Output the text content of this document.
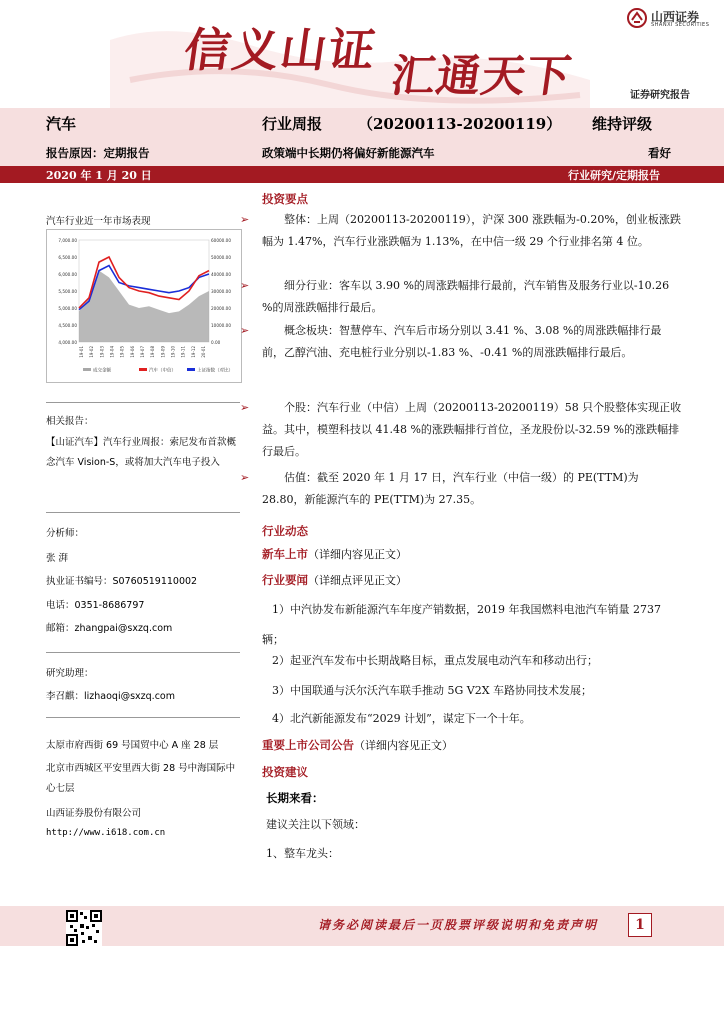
信义山证 汇通天下
山西证券
SHANXI SECURITIES
证券研究报告
汽车	行业周报 （20200113-20200119） 维持评级
报告原因：定期报告	政策端中长期仍将偏好新能源汽车	看好
2020 年 1 月 20 日	行业研究/定期报告
汽车行业近一年市场表现
7,000.00
6,500.00
6,000.00
5,500.00
5,000.00
4,500.00
4,000.00
60000.00
50000.00
40000.00
30000.00
20000.00
10000.00
0.00
19-01 19-02 19-03 19-04 19-05 19-06 19-07 19-08 19-09 19-10 19-11 19-12 20-01
成交金额	汽车（中信）	上证指数（对比）
相关报告：
【山证汽车】汽车行业周报：索尼发布首款概念汽车 Vision-S，或将加大汽车电子投入
分析师：
张 湃
执业证书编号：S0760519110002
电话：0351-8686797
邮箱：zhangpai@sxzq.com
研究助理：
李召麒：lizhaoqi@sxzq.com
太原市府西街 69 号国贸中心 A 座 28 层
北京市西城区平安里西大街 28 号中海国际中心七层
山西证券股份有限公司
http://www.i618.com.cn
投资要点
➢	整体：上周（20200113-20200119），沪深 300 涨跌幅为-0.20%，创业板涨跌幅为 1.47%，汽车行业涨跌幅为 1.13%，在中信一级 29 个行业排名第 4 位。
➢	细分行业：客车以 3.90 %的周涨跌幅排行最前，汽车销售及服务行业以-10.26 %的周涨跌幅排行最后。
➢	概念板块：智慧停车、汽车后市场分别以 3.41 %、3.08 %的周涨跌幅排行最前，乙醇汽油、充电桩行业分别以-1.83 %、-0.41 %的周涨跌幅排行最后。
➢	个股：汽车行业（中信）上周（20200113-20200119）58 只个股整体实现正收益。其中，模塑科技以 41.48 %的涨跌幅排行首位，圣龙股份以-32.59 %的涨跌幅排行最后。
➢	估值：截至 2020 年 1 月 17 日，汽车行业（中信一级）的 PE(TTM)为 28.80，新能源汽车的 PE(TTM)为 27.35。
行业动态
新车上市（详细内容见正文）
行业要闻（详细点评见正文）
1）中汽协发布新能源汽车年度产销数据，2019 年我国燃料电池汽车销量 2737 辆；
2）起亚汽车发布中长期战略目标，重点发展电动汽车和移动出行；
3）中国联通与沃尔沃汽车联手推动 5G V2X 车路协同技术发展；
4）北汽新能源发布“2029 计划”，谋定下一个十年。
重要上市公司公告（详细内容见正文）
投资建议
长期来看：
建议关注以下领域：
1、整车龙头：
请务必阅读最后一页股票评级说明和免责声明	1
